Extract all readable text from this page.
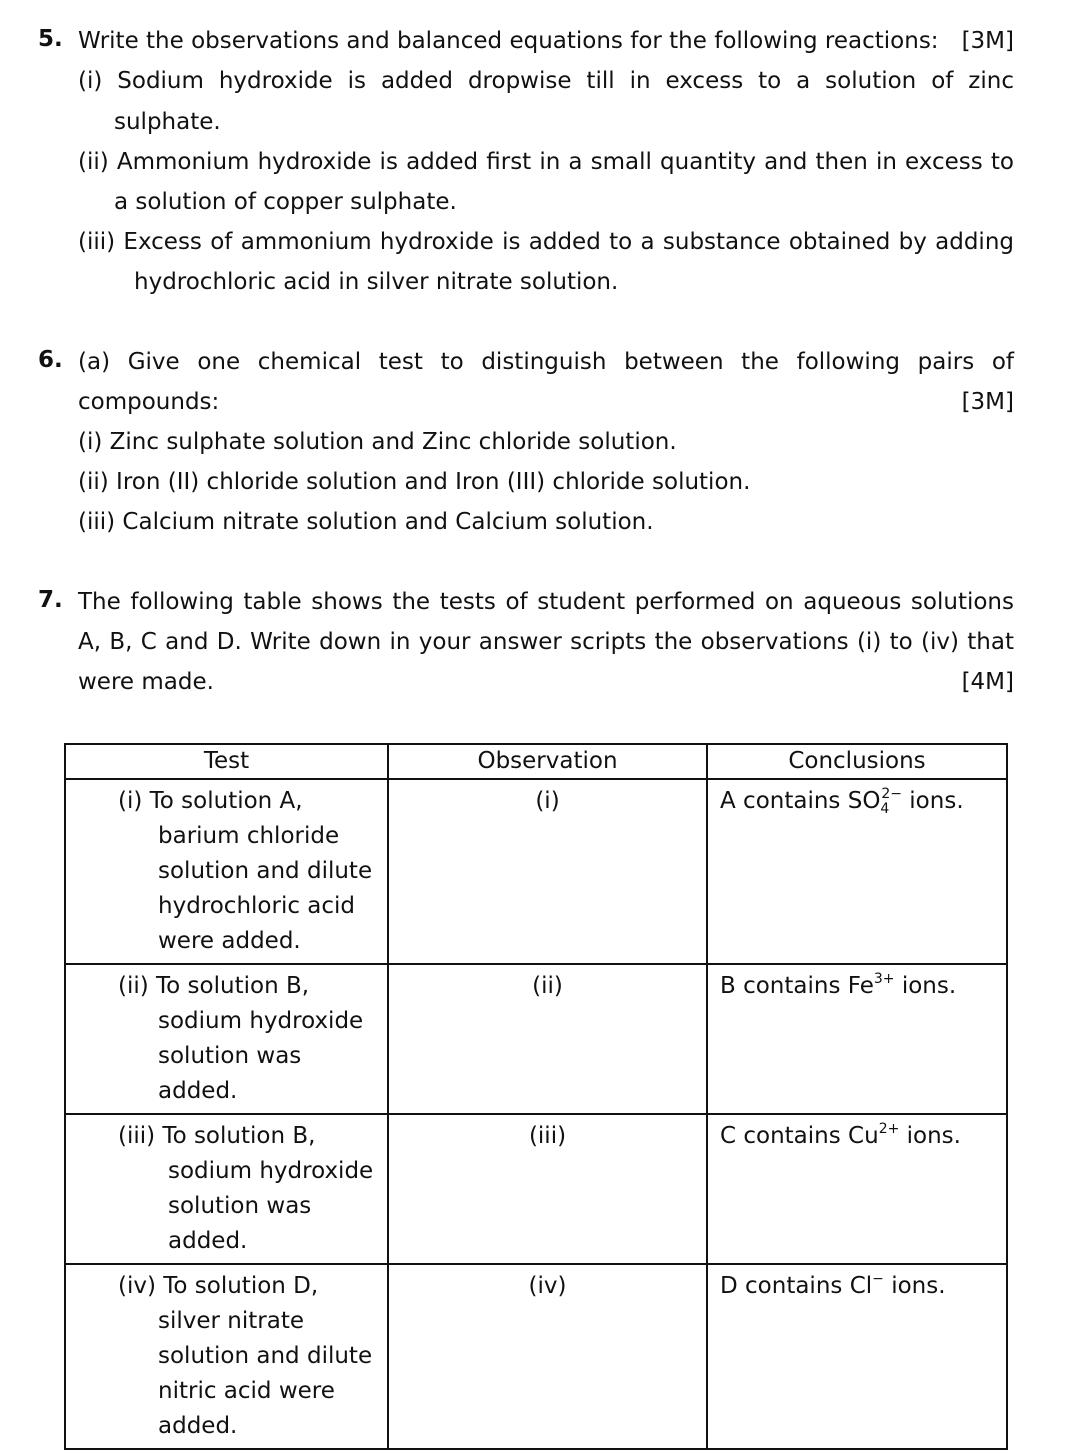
5. Write the observations and balanced equations for the following reactions: [3M]
(i) Sodium hydroxide is added dropwise till in excess to a solution of zinc
sulphate.
(ii) Ammonium hydroxide is added first in a small quantity and then in excess to
a solution of copper sulphate.
(iii) Excess of ammonium hydroxide is added to a substance obtained by adding
hydrochloric acid in silver nitrate solution.
6. (a) Give one chemical test to distinguish between the following pairs of
compounds:	[3M]
(i) Zinc sulphate solution and Zinc chloride solution.
(ii) Iron (II) chloride solution and Iron (III) chloride solution.
(iii) Calcium nitrate solution and Calcium solution.
7. The following table shows the tests of student performed on aqueous solutions
A, B, C and D. Write down in your answer scripts the observations (i) to (iv) that
were made.	[4M]
Test	Observation	Conclusions

(i) To solution A, barium chloride solution and dilute hydrochloric acid were added.	(i)	A contains $SO_4^{2-}$ ions.

(ii) To solution B, sodium hydroxide solution was added.	(ii)	B contains $Fe^{3+}$ ions.

(iii) To solution B, sodium hydroxide solution was added.	(iii)	C contains $Cu^{2+}$ ions.

(iv) To solution D, silver nitrate solution and dilute nitric acid were added.	(iv)	D contains Cl− ions.
